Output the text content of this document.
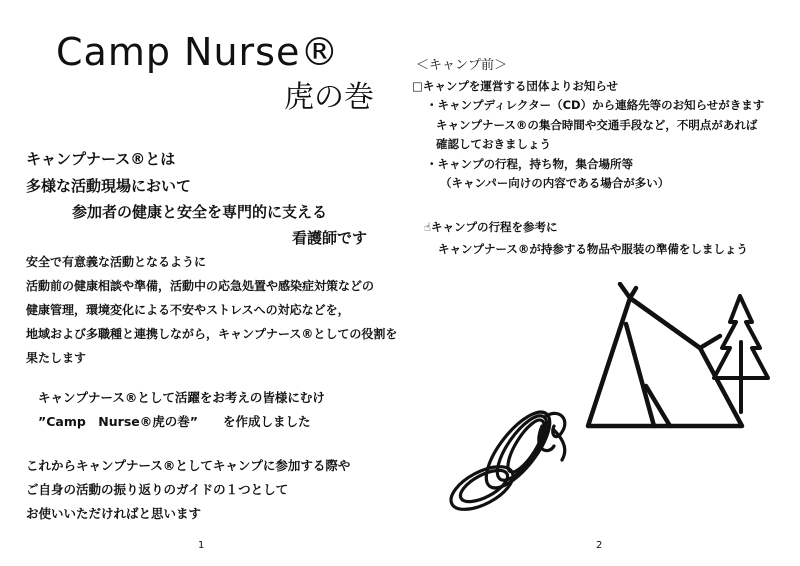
Camp Nurse®
虎の巻
キャンプナース®とは
多様な活動現場において
参加者の健康と安全を専門的に支える
看護師です
安全で有意義な活動となるように
活動前の健康相談や準備，活動中の応急処置や感染症対策などの
健康管理，環境変化による不安やストレスへの対応などを，
地域および多職種と連携しながら，キャンプナース®としての役割を
果たします
キャンプナース®として活躍をお考えの皆様にむけ
”Camp　Nurse®虎の巻”　　を作成しました
これからキャンプナース®としてキャンプに参加する際や
ご自身の活動の振り返りのガイドの１つとして
お使いいただければと思います
1
＜キャンプ前＞
□キャンプを運営する団体よりお知らせ
・キャンプディレクター（CD）から連絡先等のお知らせがきます
キャンプナース®の集合時間や交通手段など，不明点があれば
確認しておきましょう
・キャンプの行程，持ち物，集合場所等
（キャンパー向けの内容である場合が多い）
☝キャンプの行程を参考に
キャンプナース®が持参する物品や服装の準備をしましょう
2
